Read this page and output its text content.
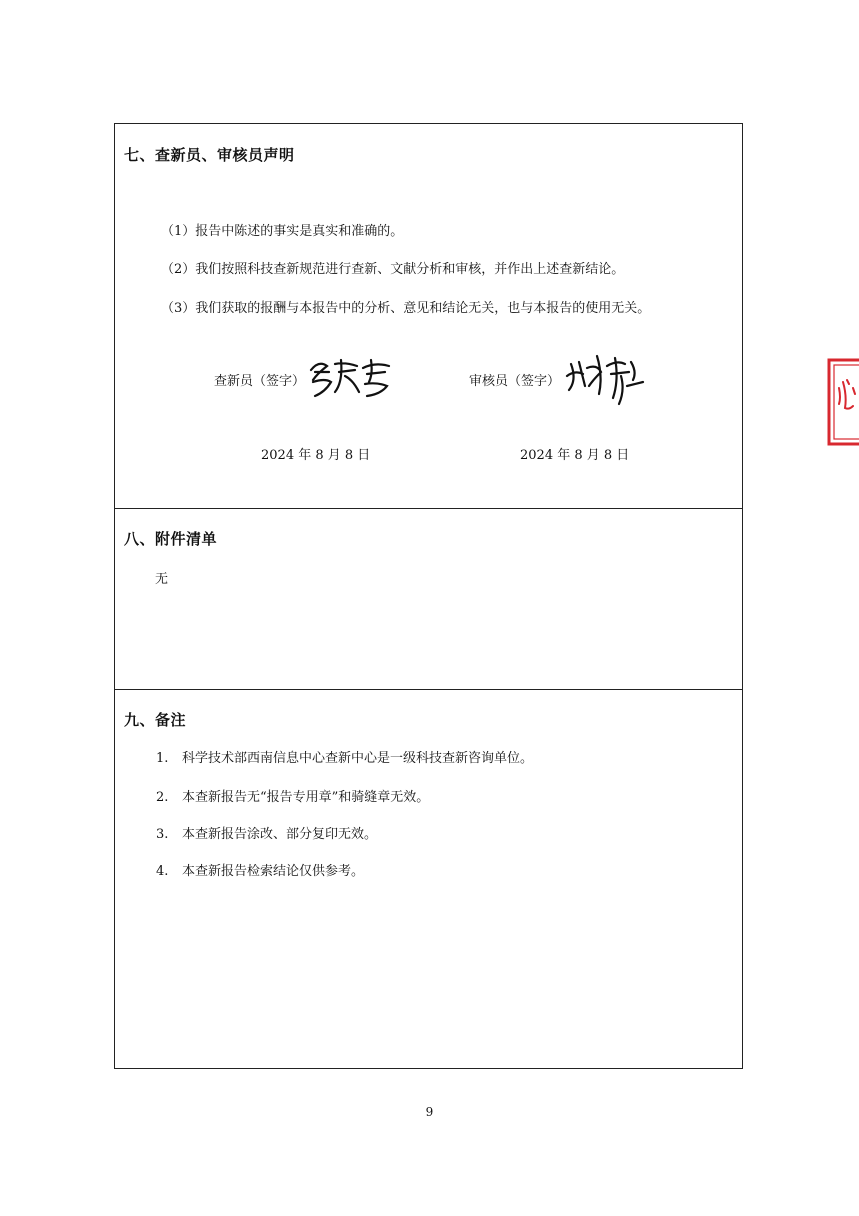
七、查新员、审核员声明
（1）报告中陈述的事实是真实和准确的。
（2）我们按照科技查新规范进行查新、文献分析和审核，并作出上述查新结论。
（3）我们获取的报酬与本报告中的分析、意见和结论无关，也与本报告的使用无关。
查新员（签字）	审核员（签字）
2024 年 8 月 8 日	2024 年 8 月 8 日
八、附件清单
无
九、备注
1. 科学技术部西南信息中心查新中心是一级科技查新咨询单位。
2. 本查新报告无“报告专用章”和骑缝章无效。
3. 本查新报告涂改、部分复印无效。
4. 本查新报告检索结论仅供参考。
9
